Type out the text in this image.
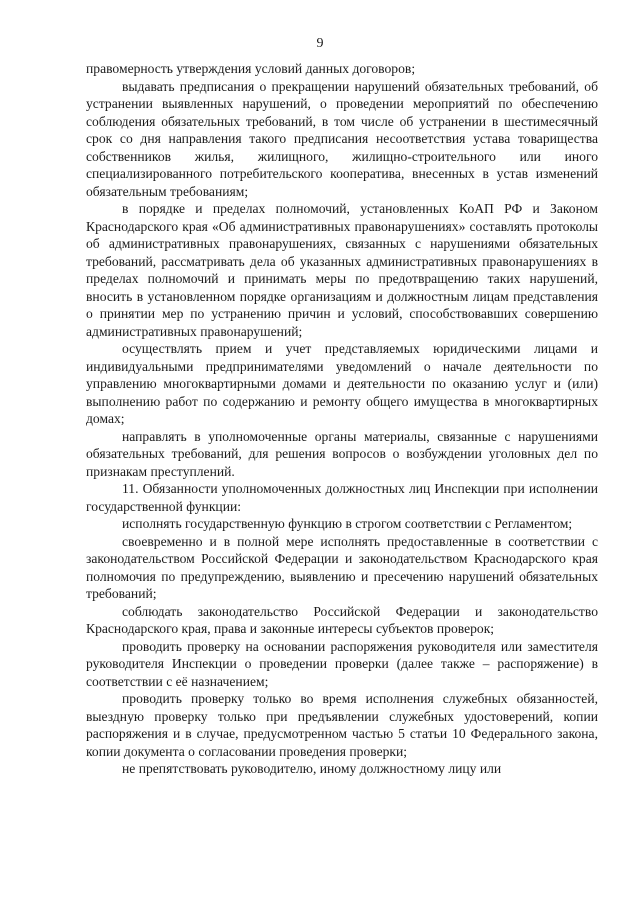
9

правомерность утверждения условий данных договоров;

выдавать предписания о прекращении нарушений обязательных требований, об устранении выявленных нарушений, о проведении мероприятий по обеспечению соблюдения обязательных требований, в том числе об устранении в шестимесячный срок со дня направления такого предписания несоответствия устава товарищества собственников жилья, жилищного, жилищно-строительного или иного специализированного потребительского кооператива, внесенных в устав изменений обязательным требованиям;

в порядке и пределах полномочий, установленных КоАП РФ и Законом Краснодарского края «Об административных правонарушениях» составлять протоколы об административных правонарушениях, связанных с нарушениями обязательных требований, рассматривать дела об указанных административных правонарушениях в пределах полномочий и принимать меры по предотвращению таких нарушений, вносить в установленном порядке организациям и должностным лицам представления о принятии мер по устранению причин и условий, способствовавших совершению административных правонарушений;

осуществлять прием и учет представляемых юридическими лицами и индивидуальными предпринимателями уведомлений о начале деятельности по управлению многоквартирными домами и деятельности по оказанию услуг и (или) выполнению работ по содержанию и ремонту общего имущества в многоквартирных домах;

направлять в уполномоченные органы материалы, связанные с нарушениями обязательных требований, для решения вопросов о возбуждении уголовных дел по признакам преступлений.

11. Обязанности уполномоченных должностных лиц Инспекции при исполнении государственной функции:

исполнять государственную функцию в строгом соответствии с Регламентом;

своевременно и в полной мере исполнять предоставленные в соответствии с законодательством Российской Федерации и законодательством Краснодарского края полномочия по предупреждению, выявлению и пресечению нарушений обязательных требований;

соблюдать законодательство Российской Федерации и законодательство Краснодарского края, права и законные интересы субъектов проверок;

проводить проверку на основании распоряжения руководителя или заместителя руководителя Инспекции о проведении проверки (далее также – распоряжение) в соответствии с её назначением;

проводить проверку только во время исполнения служебных обязанностей, выездную проверку только при предъявлении служебных удостоверений, копии распоряжения и в случае, предусмотренном частью 5 статьи 10 Федерального закона, копии документа о согласовании проведения проверки;

не препятствовать руководителю, иному должностному лицу или
